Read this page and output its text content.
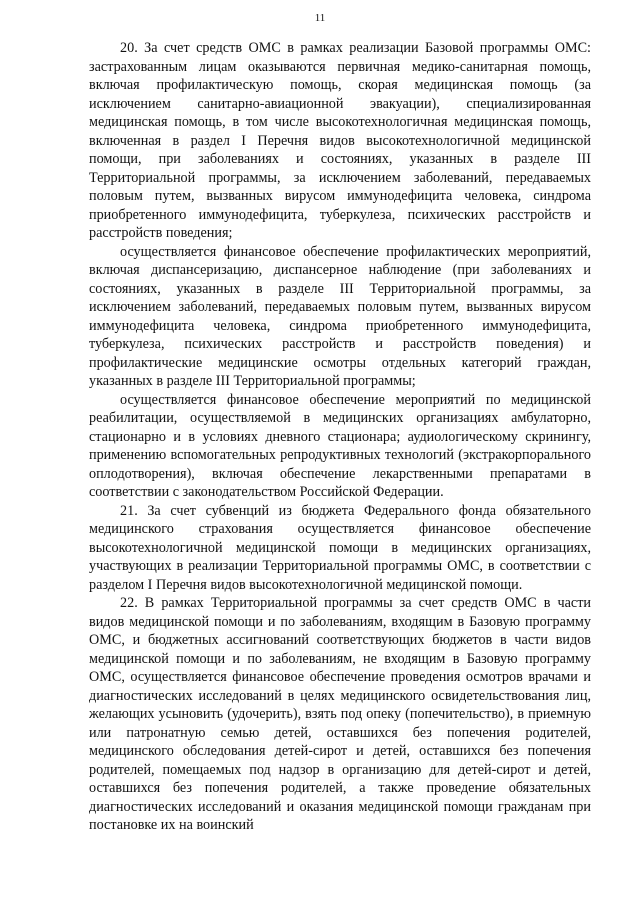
11

20. За счет средств ОМС в рамках реализации Базовой программы ОМС: застрахованным лицам оказываются первичная медико-санитарная помощь, включая профилактическую помощь, скорая медицинская помощь (за исключением санитарно-авиационной эвакуации), специализированная медицинская помощь, в том числе высокотехнологичная медицинская помощь, включенная в раздел I Перечня видов высокотехнологичной медицинской помощи, при заболеваниях и состояниях, указанных в разделе III Территориальной программы, за исключением заболеваний, передаваемых половым путем, вызванных вирусом иммунодефицита человека, синдрома приобретенного иммунодефицита, туберкулеза, психических расстройств и расстройств поведения;

осуществляется финансовое обеспечение профилактических мероприятий, включая диспансеризацию, диспансерное наблюдение (при заболеваниях и состояниях, указанных в разделе III Территориальной программы, за исключением заболеваний, передаваемых половым путем, вызванных вирусом иммунодефицита человека, синдрома приобретенного иммунодефицита, туберкулеза, психических расстройств и расстройств поведения) и профилактические медицинские осмотры отдельных категорий граждан, указанных в разделе III Территориальной программы;

осуществляется финансовое обеспечение мероприятий по медицинской реабилитации, осуществляемой в медицинских организациях амбулаторно, стационарно и в условиях дневного стационара; аудиологическому скринингу, применению вспомогательных репродуктивных технологий (экстракорпорального оплодотворения), включая обеспечение лекарственными препаратами в соответствии с законодательством Российской Федерации.

21. За счет субвенций из бюджета Федерального фонда обязательного медицинского страхования осуществляется финансовое обеспечение высокотехнологичной медицинской помощи в медицинских организациях, участвующих в реализации Территориальной программы ОМС, в соответствии с разделом I Перечня видов высокотехнологичной медицинской помощи.

22. В рамках Территориальной программы за счет средств ОМС в части видов медицинской помощи и по заболеваниям, входящим в Базовую программу ОМС, и бюджетных ассигнований соответствующих бюджетов в части видов медицинской помощи и по заболеваниям, не входящим в Базовую программу ОМС, осуществляется финансовое обеспечение проведения осмотров врачами и диагностических исследований в целях медицинского освидетельствования лиц, желающих усыновить (удочерить), взять под опеку (попечительство), в приемную или патронатную семью детей, оставшихся без попечения родителей, медицинского обследования детей-сирот и детей, оставшихся без попечения родителей, помещаемых под надзор в организацию для детей-сирот и детей, оставшихся без попечения родителей, а также проведение обязательных диагностических исследований и оказания медицинской помощи гражданам при постановке их на воинский
